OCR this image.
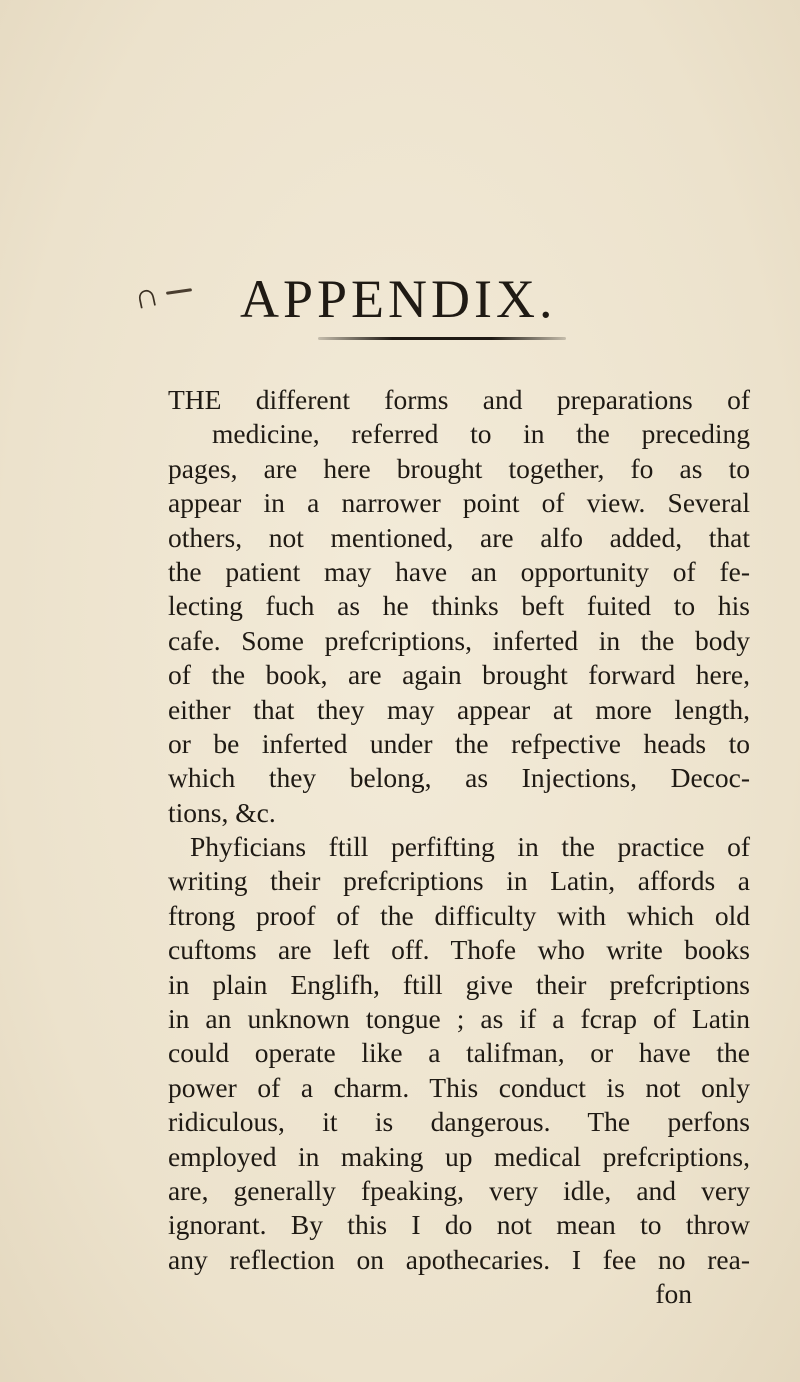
∩ APPENDIX.
THE different forms and preparations of
medicine, referred to in the preceding
pages, are here brought together, fo as to
appear in a narrower point of view. Several
others, not mentioned, are alfo added, that
the patient may have an opportunity of fe-
lecting fuch as he thinks beft fuited to his
cafe. Some prefcriptions, inferted in the body
of the book, are again brought forward here,
either that they may appear at more length,
or be inferted under the refpective heads to
which they belong, as Injections, Decoc-
tions, &c.
Phyficians ftill perfifting in the practice of
writing their prefcriptions in Latin, affords a
ftrong proof of the difficulty with which old
cuftoms are left off. Thofe who write books
in plain Englifh, ftill give their prefcriptions
in an unknown tongue ; as if a fcrap of Latin
could operate like a talifman, or have the
power of a charm. This conduct is not only
ridiculous, it is dangerous. The perfons
employed in making up medical prefcriptions,
are, generally fpeaking, very idle, and very
ignorant. By this I do not mean to throw
any reflection on apothecaries. I fee no rea-
fon
